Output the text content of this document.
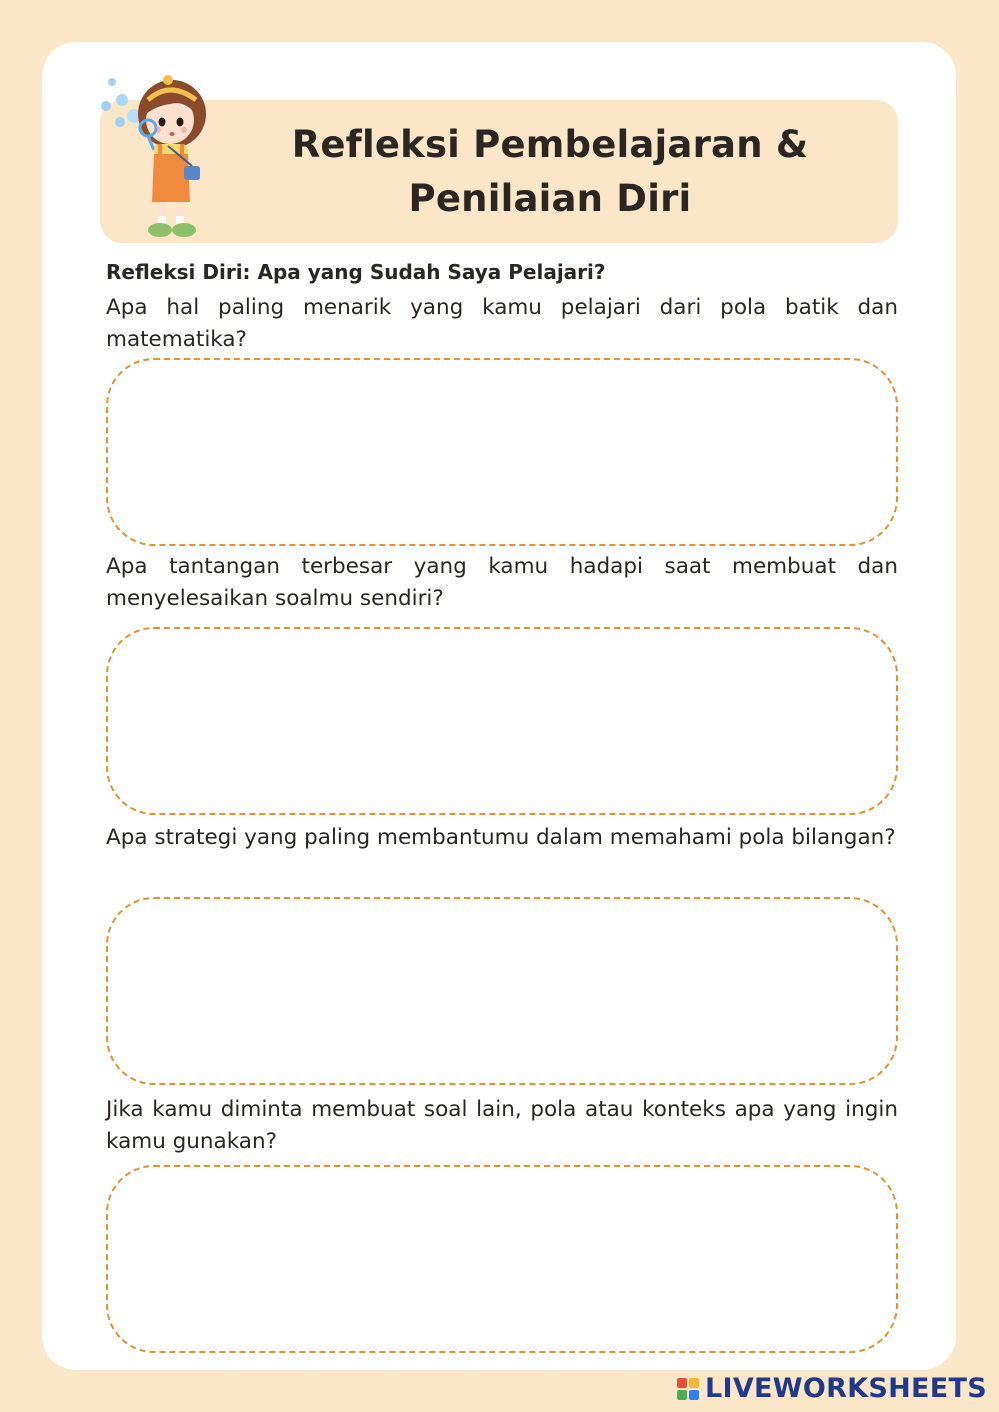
Refleksi Pembelajaran &
Penilaian Diri
Refleksi Diri: Apa yang Sudah Saya Pelajari?
Apa hal paling menarik yang kamu pelajari dari pola batik dan matematika?
Apa tantangan terbesar yang kamu hadapi saat membuat dan menyelesaikan soalmu sendiri?
Apa strategi yang paling membantumu dalam memahami pola bilangan?
Jika kamu diminta membuat soal lain, pola atau konteks apa yang ingin kamu gunakan?
LIVEWORKSHEETS
